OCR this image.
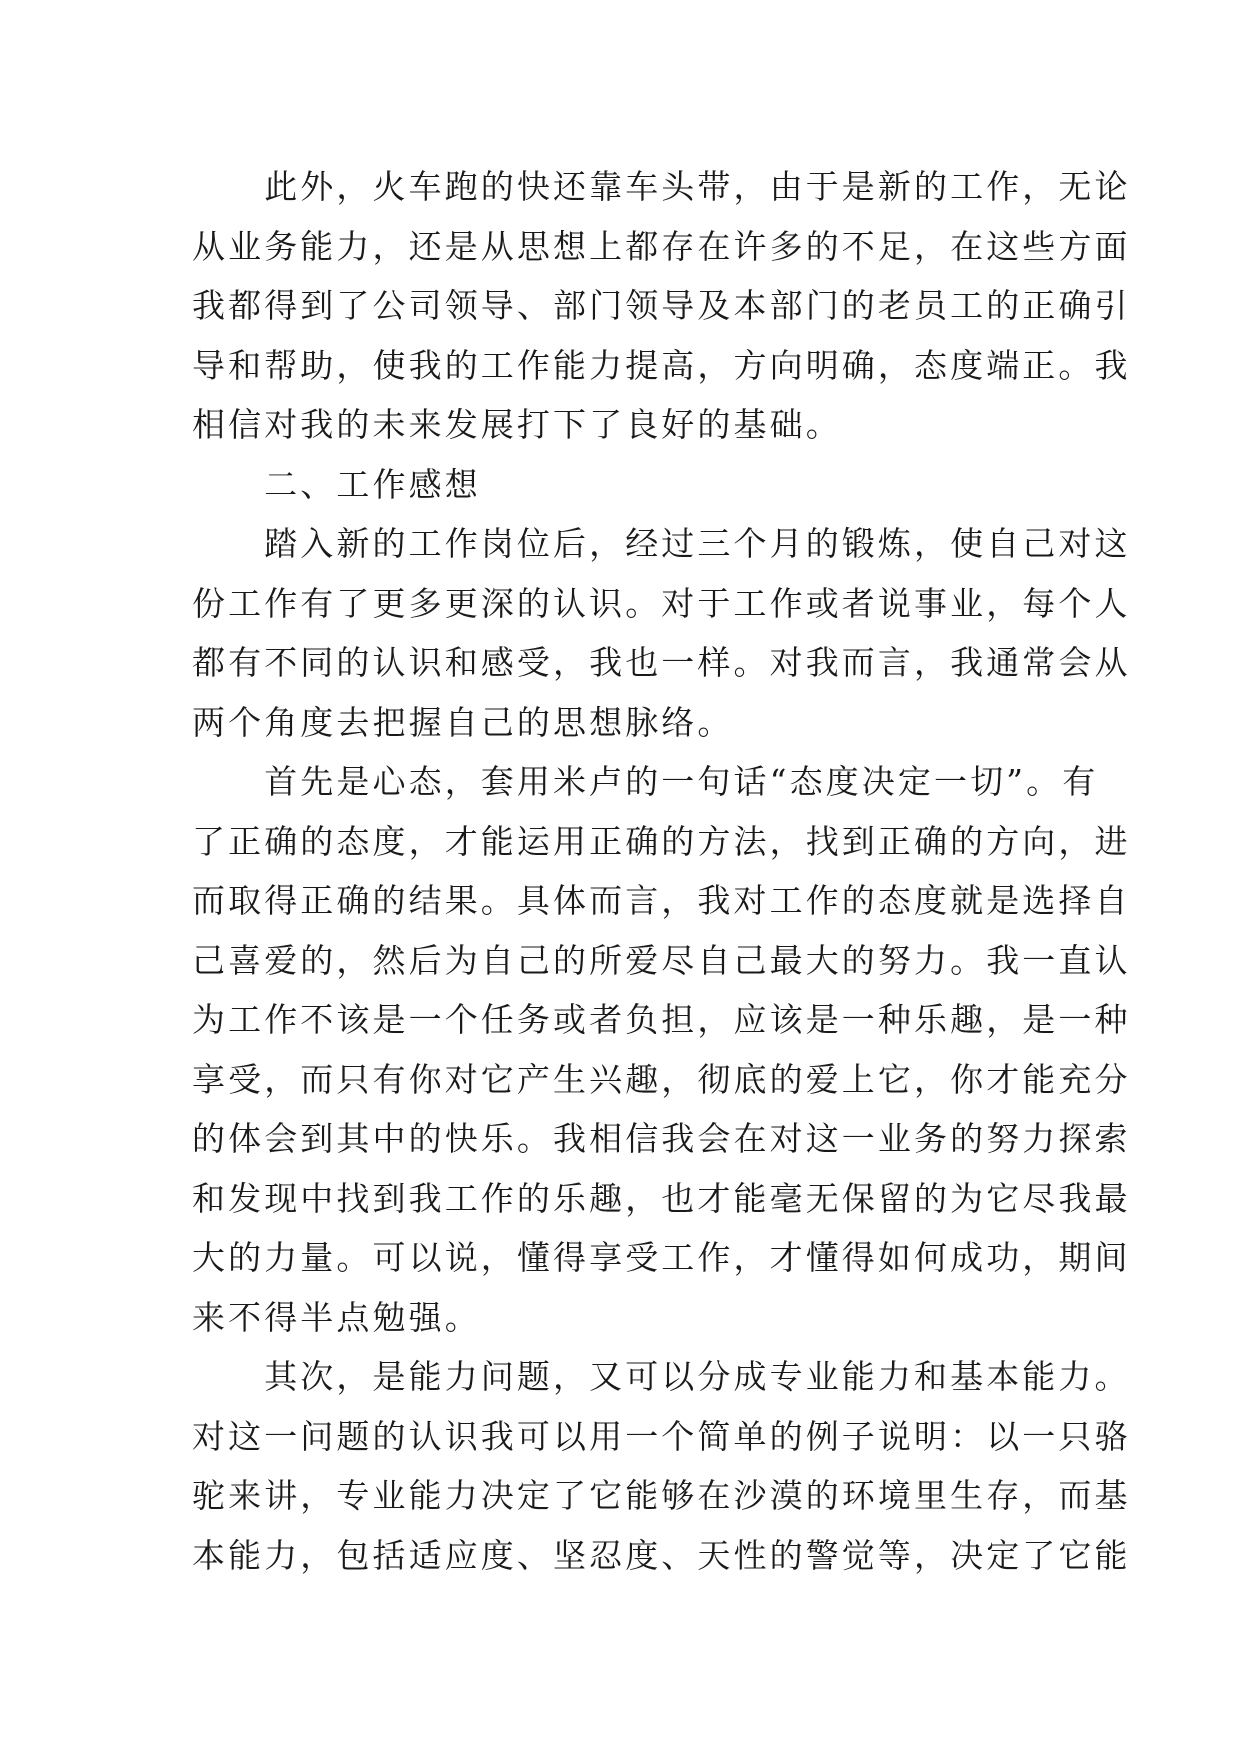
　　此外，火车跑的快还靠车头带，由于是新的工作，无论
从业务能力，还是从思想上都存在许多的不足，在这些方面
我都得到了公司领导、部门领导及本部门的老员工的正确引
导和帮助，使我的工作能力提高，方向明确，态度端正。我
相信对我的未来发展打下了良好的基础。
　　二、工作感想
　　踏入新的工作岗位后，经过三个月的锻炼，使自己对这
份工作有了更多更深的认识。对于工作或者说事业，每个人
都有不同的认识和感受，我也一样。对我而言，我通常会从
两个角度去把握自己的思想脉络。
　　首先是心态，套用米卢的一句话“态度决定一切”。有
了正确的态度，才能运用正确的方法，找到正确的方向，进
而取得正确的结果。具体而言，我对工作的态度就是选择自
己喜爱的，然后为自己的所爱尽自己最大的努力。我一直认
为工作不该是一个任务或者负担，应该是一种乐趣，是一种
享受，而只有你对它产生兴趣，彻底的爱上它，你才能充分
的体会到其中的快乐。我相信我会在对这一业务的努力探索
和发现中找到我工作的乐趣，也才能毫无保留的为它尽我最
大的力量。可以说，懂得享受工作，才懂得如何成功，期间
来不得半点勉强。
　　其次，是能力问题，又可以分成专业能力和基本能力。
对这一问题的认识我可以用一个简单的例子说明：以一只骆
驼来讲，专业能力决定了它能够在沙漠的环境里生存，而基
本能力，包括适应度、坚忍度、天性的警觉等，决定了它能
